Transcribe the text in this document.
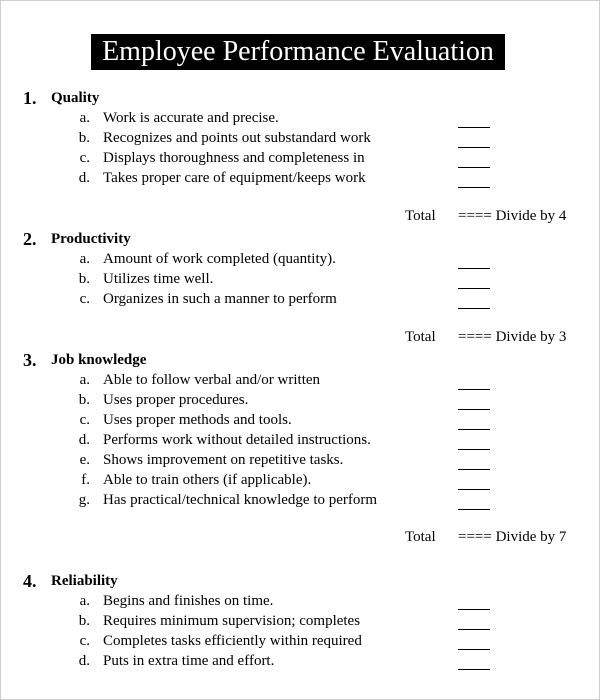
Employee Performance Evaluation
1. Quality
a. Work is accurate and precise.
b. Recognizes and points out substandard work
c. Displays thoroughness and completeness in
d. Takes proper care of equipment/keeps work
Total ==== Divide by 4
2. Productivity
a. Amount of work completed (quantity).
b. Utilizes time well.
c. Organizes in such a manner to perform
Total ==== Divide by 3
3. Job knowledge
a. Able to follow verbal and/or written
b. Uses proper procedures.
c. Uses proper methods and tools.
d. Performs work without detailed instructions.
e. Shows improvement on repetitive tasks.
f. Able to train others (if applicable).
g. Has practical/technical knowledge to perform
Total ==== Divide by 7
4. Reliability
a. Begins and finishes on time.
b. Requires minimum supervision; completes
c. Completes tasks efficiently within required
d. Puts in extra time and effort.
